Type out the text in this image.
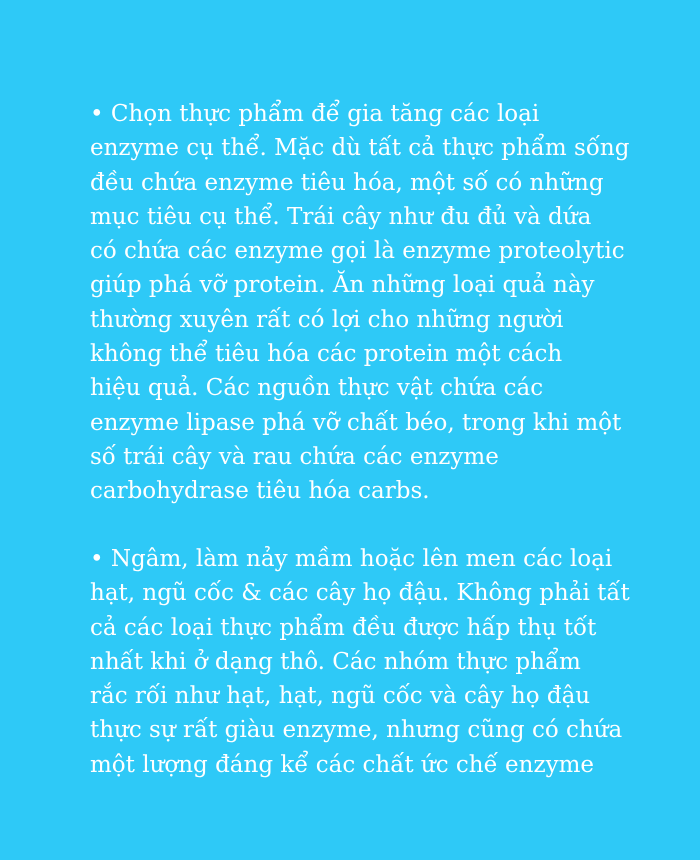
• Chọn thực phẩm để gia tăng các loại
enzyme cụ thể. Mặc dù tất cả thực phẩm sống
đều chứa enzyme tiêu hóa, một số có những
mục tiêu cụ thể. Trái cây như đu đủ và dứa
có chứa các enzyme gọi là enzyme proteolytic
giúp phá vỡ protein. Ăn những loại quả này
thường xuyên rất có lợi cho những người
không thể tiêu hóa các protein một cách
hiệu quả. Các nguồn thực vật chứa các
enzyme lipase phá vỡ chất béo, trong khi một
số trái cây và rau chứa các enzyme
carbohydrase tiêu hóa carbs.
• Ngâm, làm nảy mầm hoặc lên men các loại
hạt, ngũ cốc & các cây họ đậu. Không phải tất
cả các loại thực phẩm đều được hấp thụ tốt
nhất khi ở dạng thô. Các nhóm thực phẩm
rắc rối như hạt, hạt, ngũ cốc và cây họ đậu
thực sự rất giàu enzyme, nhưng cũng có chứa
một lượng đáng kể các chất ức chế enzyme
